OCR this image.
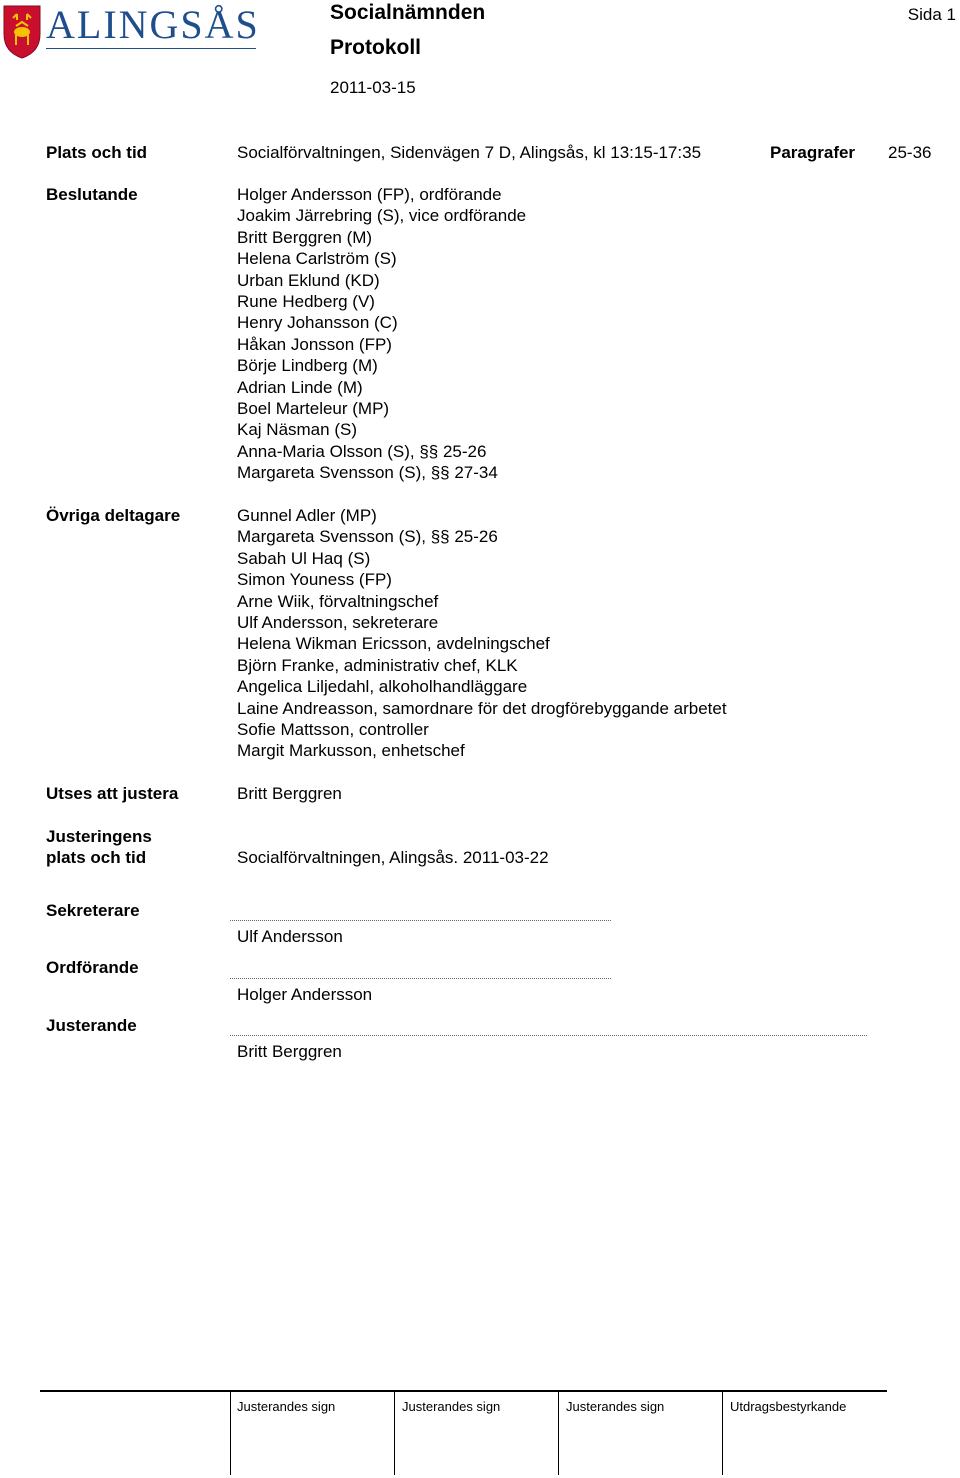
ALINGSÅS	Socialnämnden
Protokoll
2011-03-15
Sida 1
Plats och tid	Socialförvaltningen, Sidenvägen 7 D, Alingsås, kl 13:15-17:35	Paragrafer 25-36
Beslutande	Holger Andersson (FP), ordförande
Joakim Järrebring (S), vice ordförande
Britt Berggren (M)
Helena Carlström (S)
Urban Eklund (KD)
Rune Hedberg (V)
Henry Johansson (C)
Håkan Jonsson (FP)
Börje Lindberg (M)
Adrian Linde (M)
Boel Marteleur (MP)
Kaj Näsman (S)
Anna-Maria Olsson (S), §§ 25-26
Margareta Svensson (S), §§ 27-34
Övriga deltagare	Gunnel Adler (MP)
Margareta Svensson (S), §§ 25-26
Sabah Ul Haq (S)
Simon Youness (FP)
Arne Wiik, förvaltningschef
Ulf Andersson, sekreterare
Helena Wikman Ericsson, avdelningschef
Björn Franke, administrativ chef, KLK
Angelica Liljedahl, alkoholhandläggare
Laine Andreasson, samordnare för det drogförebyggande arbetet
Sofie Mattsson, controller
Margit Markusson, enhetschef
Utses att justera	Britt Berggren
Justeringens
plats och tid	Socialförvaltningen, Alingsås. 2011-03-22
Sekreterare
Ulf Andersson
Ordförande
Holger Andersson
Justerande
Britt Berggren
Justerandes sign	Justerandes sign	Justerandes sign	Utdragsbestyrkande
